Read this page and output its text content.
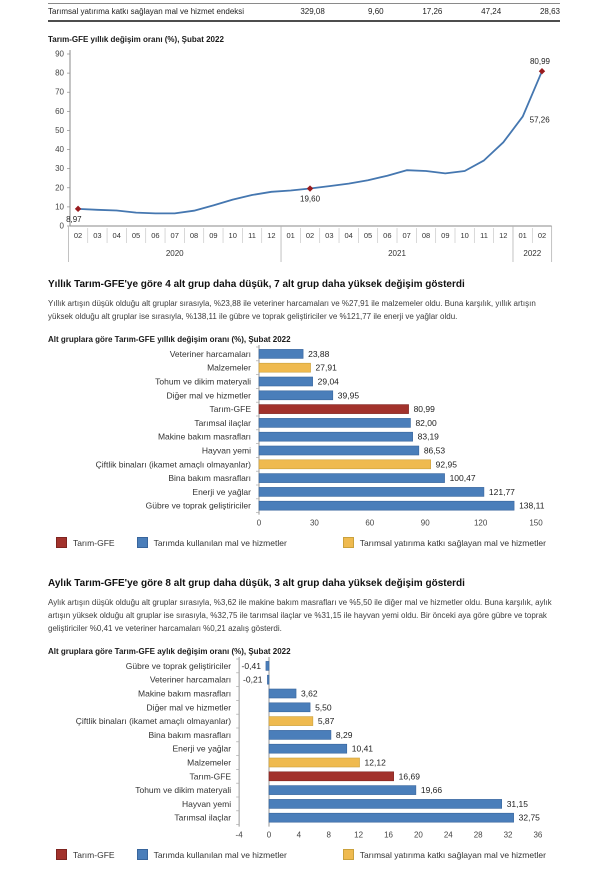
Tarımsal yatırıma katkı sağlayan mal ve hizmet endeksi	329,08	9,60	17,26	47,24	28,63
Tarım-GFE yıllık değişim oranı (%), Şubat 2022
0
10
20
30
40
50
60
70
80
90
02 03 04 05 06 07 08 09 10 11 12
2020
01 02 03 04 05 06 07 08 09 10 11 12
2021
01 02
2022
8,97
19,60
57,26
80,99
Yıllık Tarım-GFE'ye göre 4 alt grup daha düşük, 7 alt grup daha yüksek değişim gösterdi
Yıllık artışın düşük olduğu alt gruplar sırasıyla, %23,88 ile veteriner harcamaları ve %27,91 ile malzemeler oldu. Buna karşılık, yıllık artışın yüksek olduğu alt gruplar ise sırasıyla, %138,11 ile gübre ve toprak geliştiriciler ve %121,77 ile enerji ve yağlar oldu.
Alt gruplara göre Tarım-GFE yıllık değişim oranı (%), Şubat 2022
Veteriner harcamaları	23,88
Malzemeler	27,91
Tohum ve dikim materyali	29,04
Diğer mal ve hizmetler	39,95
Tarım-GFE	80,99
Tarımsal ilaçlar	82,00
Makine bakım masrafları	83,19
Hayvan yemi	86,53
Çiftlik binaları (ikamet amaçlı olmayanlar)	92,95
Bina bakım masrafları	100,47
Enerji ve yağlar	121,77
Gübre ve toprak geliştiriciler	138,11
0	30	60	90	120	150
Tarım-GFE	Tarımda kullanılan mal ve hizmetler	Tarımsal yatırıma katkı sağlayan mal ve hizmetler
Aylık Tarım-GFE'ye göre 8 alt grup daha düşük, 3 alt grup daha yüksek değişim gösterdi
Aylık artışın düşük olduğu alt gruplar sırasıyla, %3,62 ile makine bakım masrafları ve %5,50 ile diğer mal ve hizmetler oldu. Buna karşılık, aylık artışın yüksek olduğu alt gruplar ise sırasıyla, %32,75 ile tarımsal ilaçlar ve %31,15 ile hayvan yemi oldu. Bir önceki aya göre gübre ve toprak geliştiriciler %0,41 ve veteriner harcamaları %0,21 azalış gösterdi.
Alt gruplara göre Tarım-GFE aylık değişim oranı (%), Şubat 2022
Gübre ve toprak geliştiriciler -0,41
Veteriner harcamaları -0,21
Makine bakım masrafları	3,62
Diğer mal ve hizmetler	5,50
Çiftlik binaları (ikamet amaçlı olmayanlar)	5,87
Bina bakım masrafları	8,29
Enerji ve yağlar	10,41
Malzemeler	12,12
Tarım-GFE	16,69
Tohum ve dikim materyali	19,66
Hayvan yemi	31,15
Tarımsal ilaçlar	32,75
-4	0	4	8	12	16	20	24	28	32	36
Tarım-GFE	Tarımda kullanılan mal ve hizmetler	Tarımsal yatırıma katkı sağlayan mal ve hizmetler
